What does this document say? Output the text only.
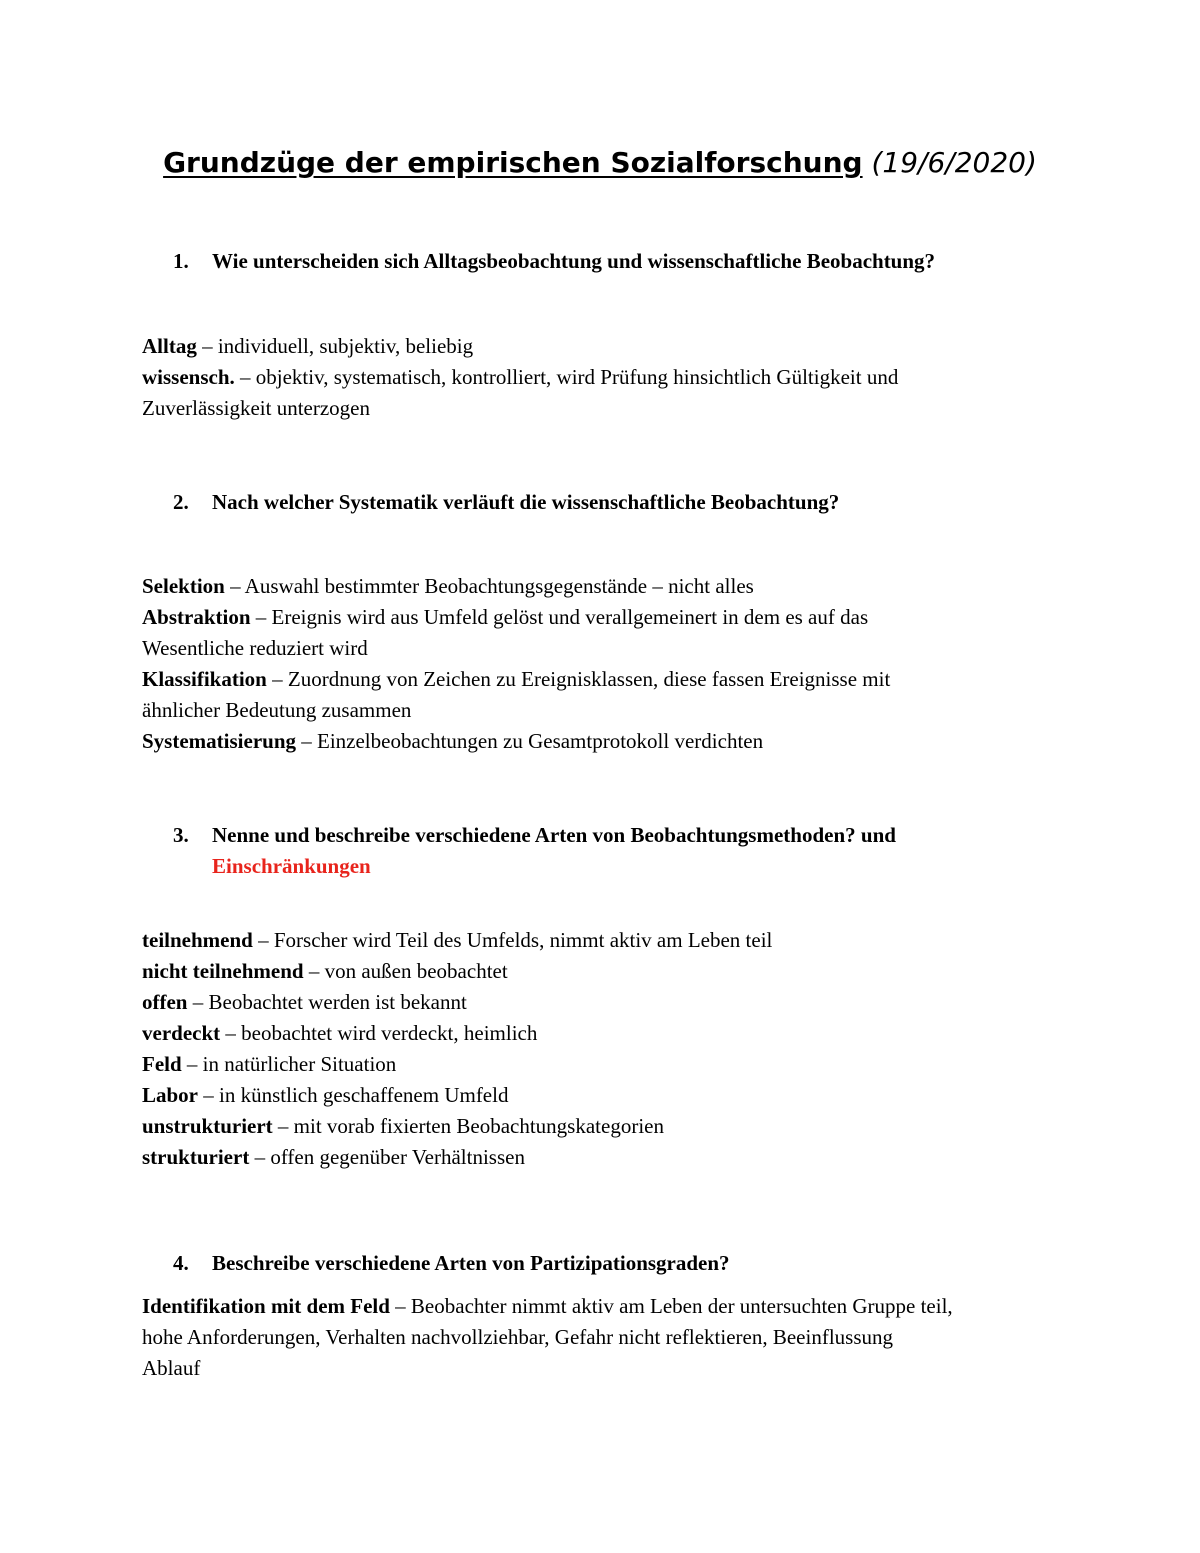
Grundzüge der empirischen Sozialforschung (19/6/2020)
1. Wie unterscheiden sich Alltagsbeobachtung und wissenschaftliche Beobachtung?
Alltag – individuell, subjektiv, beliebig
wissensch. – objektiv, systematisch, kontrolliert, wird Prüfung hinsichtlich Gültigkeit und
Zuverlässigkeit unterzogen
2. Nach welcher Systematik verläuft die wissenschaftliche Beobachtung?
Selektion – Auswahl bestimmter Beobachtungsgegenstände – nicht alles
Abstraktion – Ereignis wird aus Umfeld gelöst und verallgemeinert in dem es auf das
Wesentliche reduziert wird
Klassifikation – Zuordnung von Zeichen zu Ereignisklassen, diese fassen Ereignisse mit
ähnlicher Bedeutung zusammen
Systematisierung – Einzelbeobachtungen zu Gesamtprotokoll verdichten
3. Nenne und beschreibe verschiedene Arten von Beobachtungsmethoden? und
Einschränkungen
teilnehmend – Forscher wird Teil des Umfelds, nimmt aktiv am Leben teil
nicht teilnehmend – von außen beobachtet
offen – Beobachtet werden ist bekannt
verdeckt – beobachtet wird verdeckt, heimlich
Feld – in natürlicher Situation
Labor – in künstlich geschaffenem Umfeld
unstrukturiert – mit vorab fixierten Beobachtungskategorien
strukturiert – offen gegenüber Verhältnissen
4. Beschreibe verschiedene Arten von Partizipationsgraden?
Identifikation mit dem Feld – Beobachter nimmt aktiv am Leben der untersuchten Gruppe teil,
hohe Anforderungen, Verhalten nachvollziehbar, Gefahr nicht reflektieren, Beeinflussung
Ablauf
